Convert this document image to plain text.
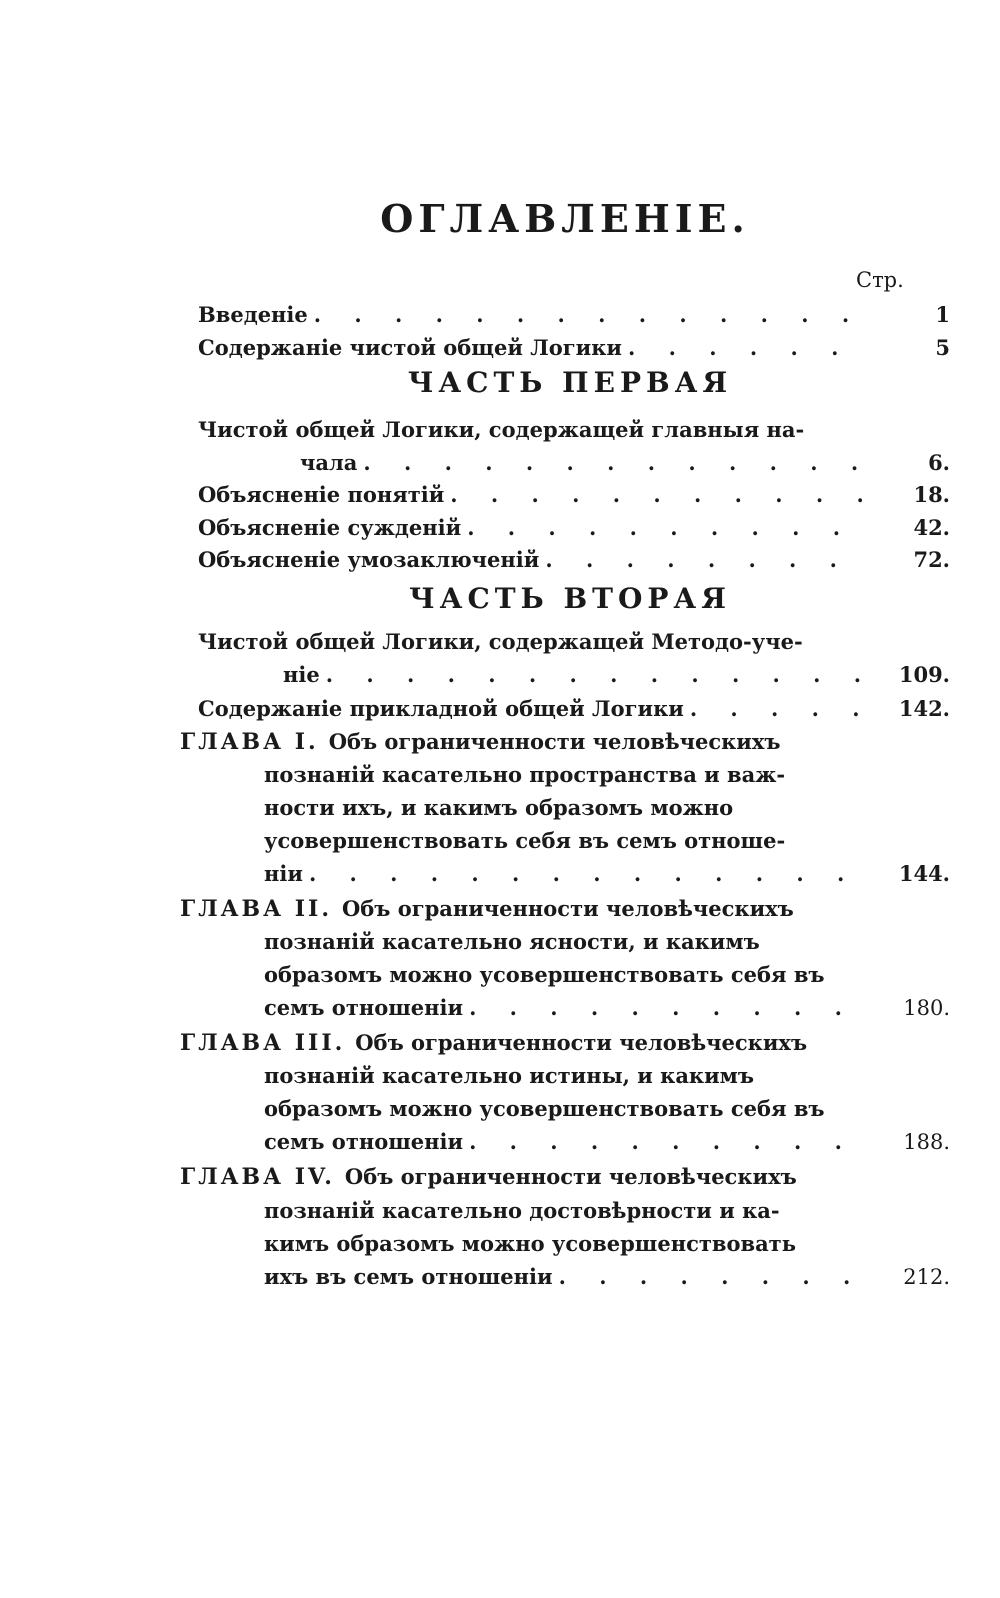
ОГЛАВЛЕНІЕ.
Стр.
Введеніе . . .	1
Содержаніе чистой общей Логики . . .	5
ЧАСТЬ ПЕРВАЯ
Чистой общей Логики, содержащей главныя на-
чала . . .	6.
Объясненіе понятій . . .	18.
Объясненіе сужденій . . .	42.
Объясненіе умозаключеній . . .	72.
ЧАСТЬ ВТОРАЯ
Чистой общей Логики, содержащей Методо-уче-
ніе . . .	109.
Содержаніе прикладной общей Логики . . .	142.
ГЛАВА I. Объ ограниченности человѣческихъ
познаній касательно пространства и важ-
ности ихъ, и какимъ образомъ можно
усовершенствовать себя въ семъ отноше-
ніи . . .	144.
ГЛАВА II. Объ ограниченности человѣческихъ
познаній касательно ясности, и какимъ
образомъ можно усовершенствовать себя въ
семъ отношеніи . . .	180.
ГЛАВА III. Объ ограниченности человѣческихъ
познаній касательно истины, и какимъ
образомъ можно усовершенствовать себя въ
семъ отношеніи . . .	188.
ГЛАВА IV. Объ ограниченности человѣческихъ
познаній касательно достовѣрности и ка-
кимъ образомъ можно усовершенствовать
ихъ въ семъ отношеніи . . .	212.
